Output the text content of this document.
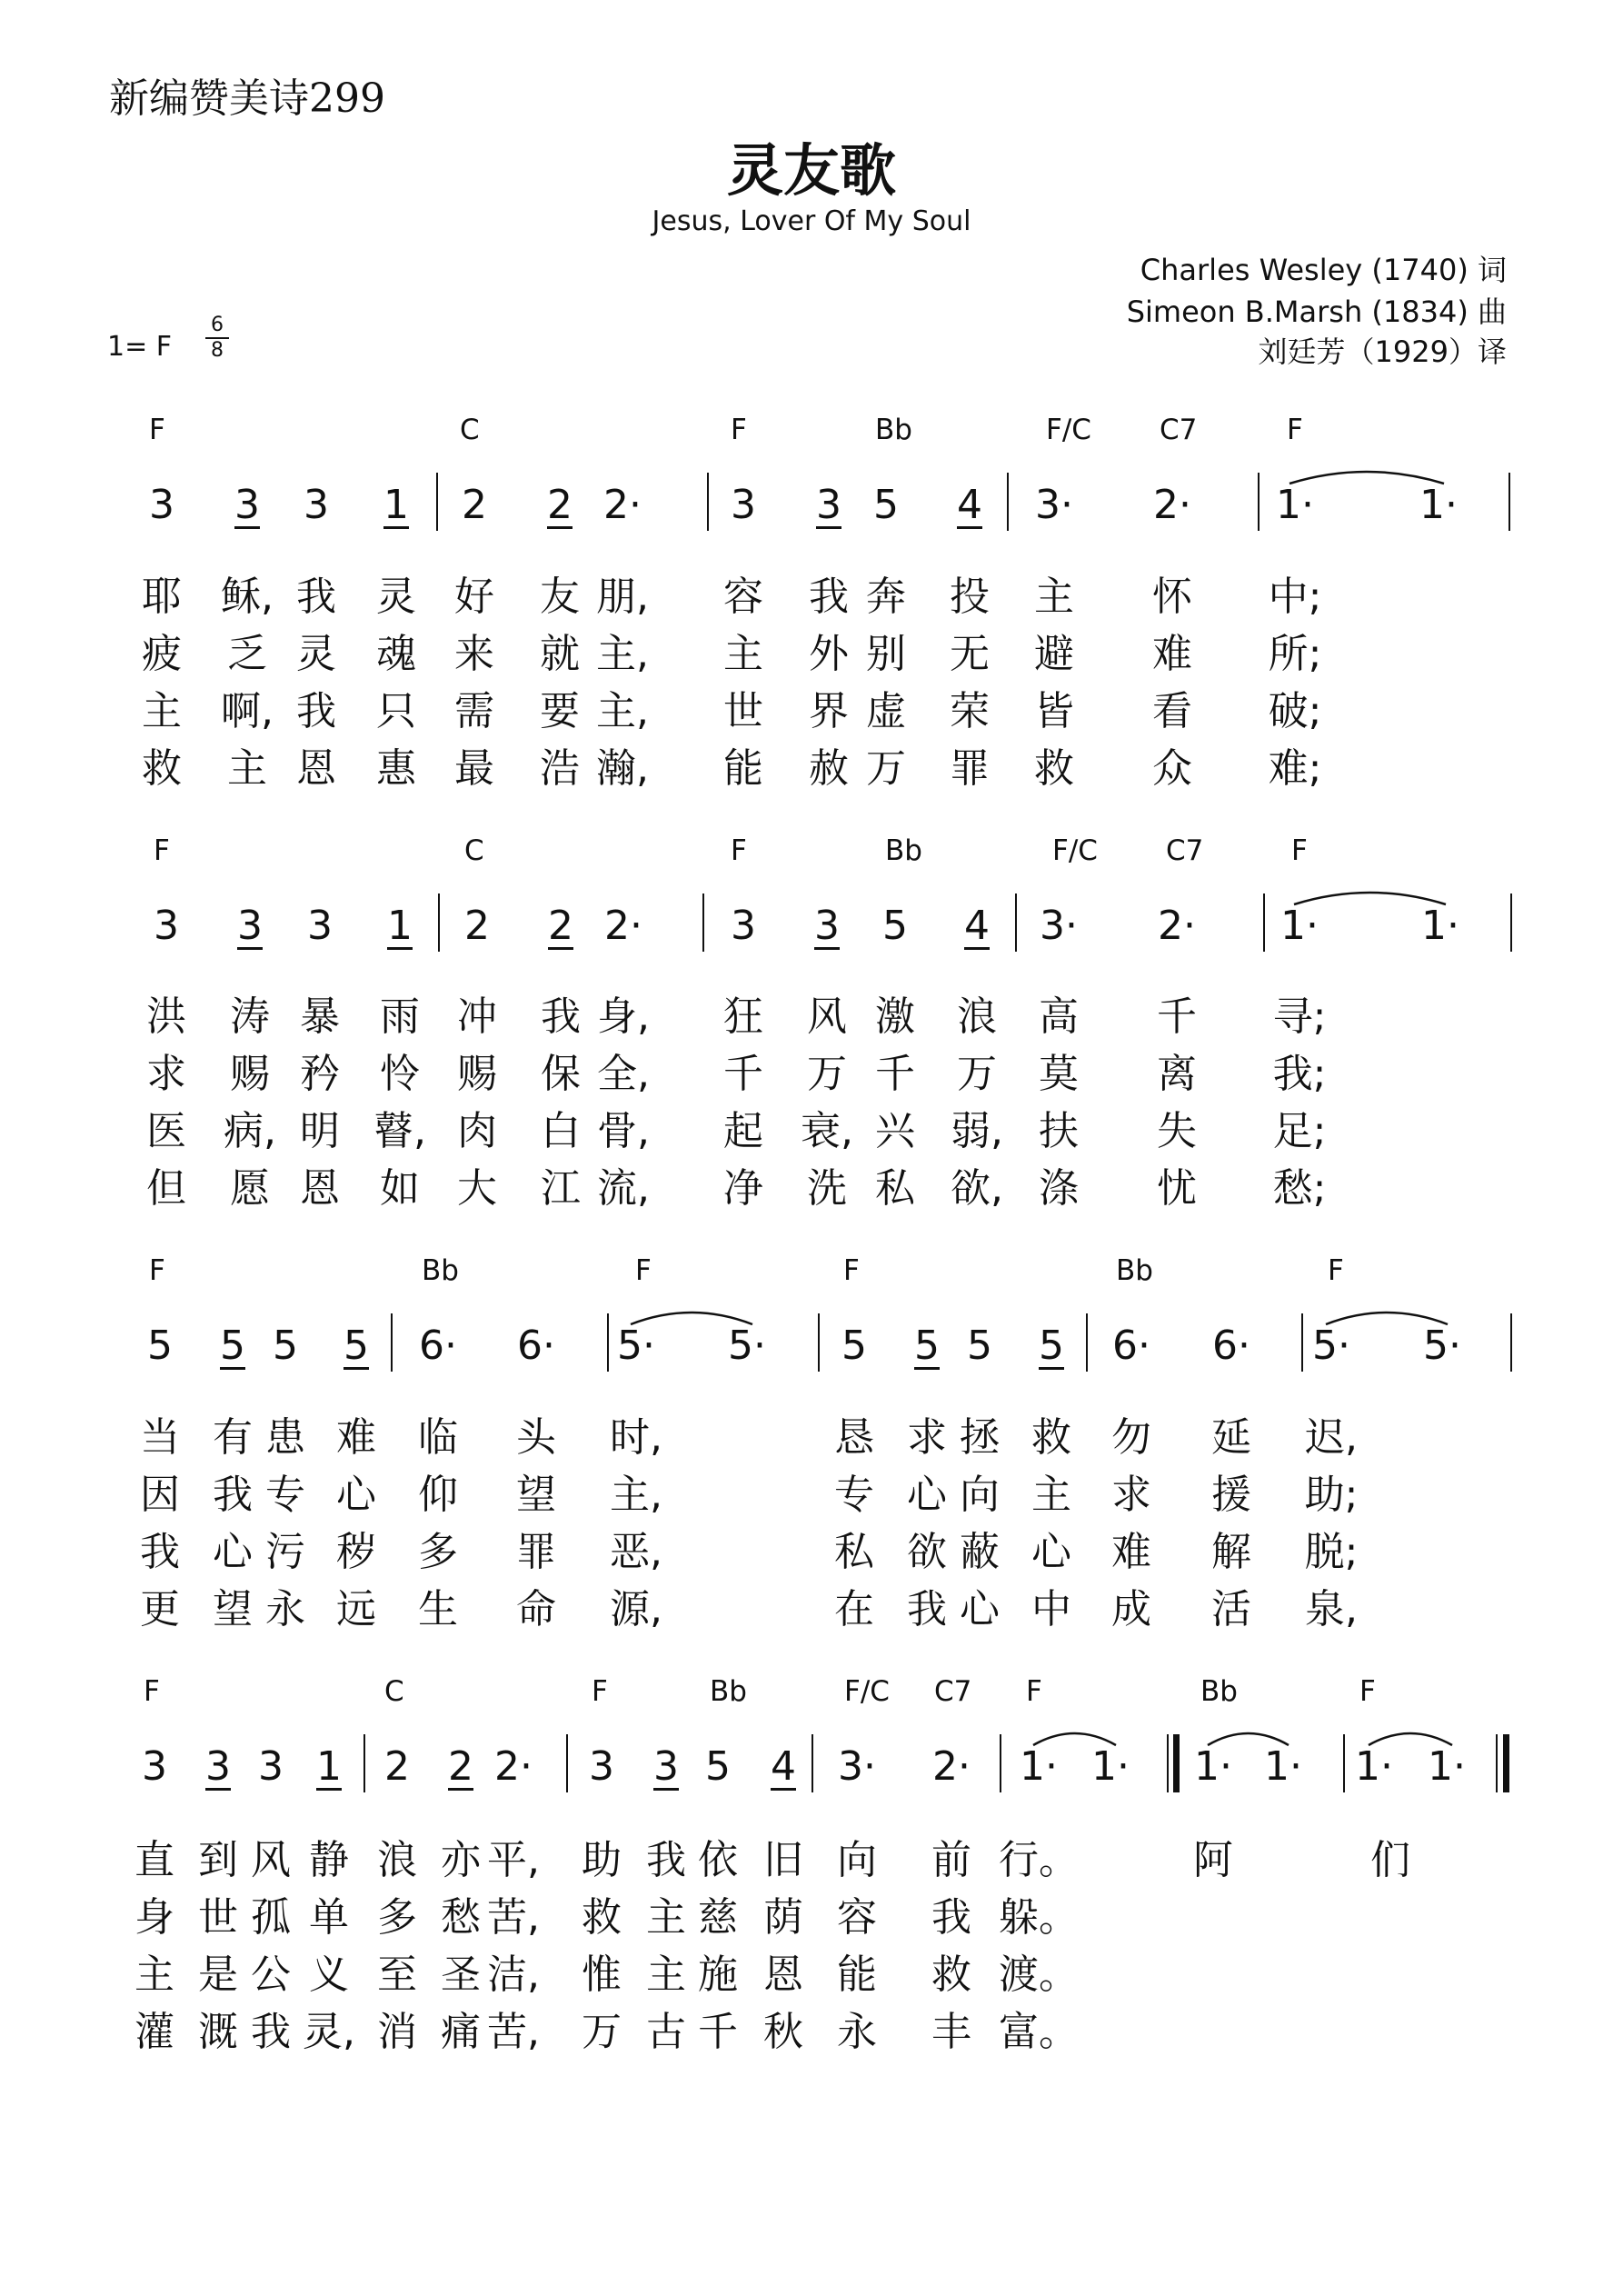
新编赞美诗299
灵友歌
Jesus, Lover Of My Soul
Charles Wesley (1740) 词
Simeon B.Marsh (1834) 曲
刘廷芳（1929）译
1= F
6
8
F	C	F	Bb	F/C C7	F
3 3 3 1 2 2 2· 3 3 5 4 3· 2· 1·	1·
耶 稣, 我 灵 好 友 朋, 容 我 奔 投 主 怀 中;
疲 乏 灵 魂 来 就 主, 主 外 别 无 避 难 所;
主 啊, 我 只 需 要 主, 世 界 虚 荣 皆 看 破;
救 主 恩 惠 最 浩 瀚, 能 赦 万 罪 救 众 难;
F	C	F	Bb	F/C C7	F
3 3 3 1 2 2 2· 3 3 5 4 3· 2· 1·	1·
洪 涛 暴 雨 冲 我 身, 狂 风 激 浪 高 千 寻;
求 赐 矜 怜 赐 保 全, 千 万 千 万 莫 离 我;
医 病, 明 瞽, 肉 白 骨, 起 衰, 兴 弱, 扶 失 足;
但 愿 恩 如 大 江 流, 净 洗 私 欲, 涤 忧 愁;
F	Bb	F	F	Bb	F
5 5 5 5 6· 6· 5· 5· 5 5 5 5 6· 6· 5· 5·
当 有 患 难 临 头 时,	恳 求 拯 救 勿 延 迟,
因 我 专 心 仰 望 主,	专 心 向 主 求 援 助;
我 心 污 秽 多 罪 恶,	私 欲 蔽 心 难 解 脱;
更 望 永 远 生 命 源,	在 我 心 中 成 活 泉,
F	C	F	Bb	F/C C7 F	Bb	F
3 3 3 1 2 2 2· 3 3 5 4 3· 2· 1· 1· 1· 1· 1· 1·
直 到 风 静 浪 亦 平, 助 我 依 旧 向 前 行。	阿	们
身 世 孤 单 多 愁 苦, 救 主 慈 荫 容 我 躲。
主 是 公 义 至 圣 洁, 惟 主 施 恩 能 救 渡。
灌 溉 我 灵, 消 痛 苦, 万 古 千 秋 永 丰 富。
